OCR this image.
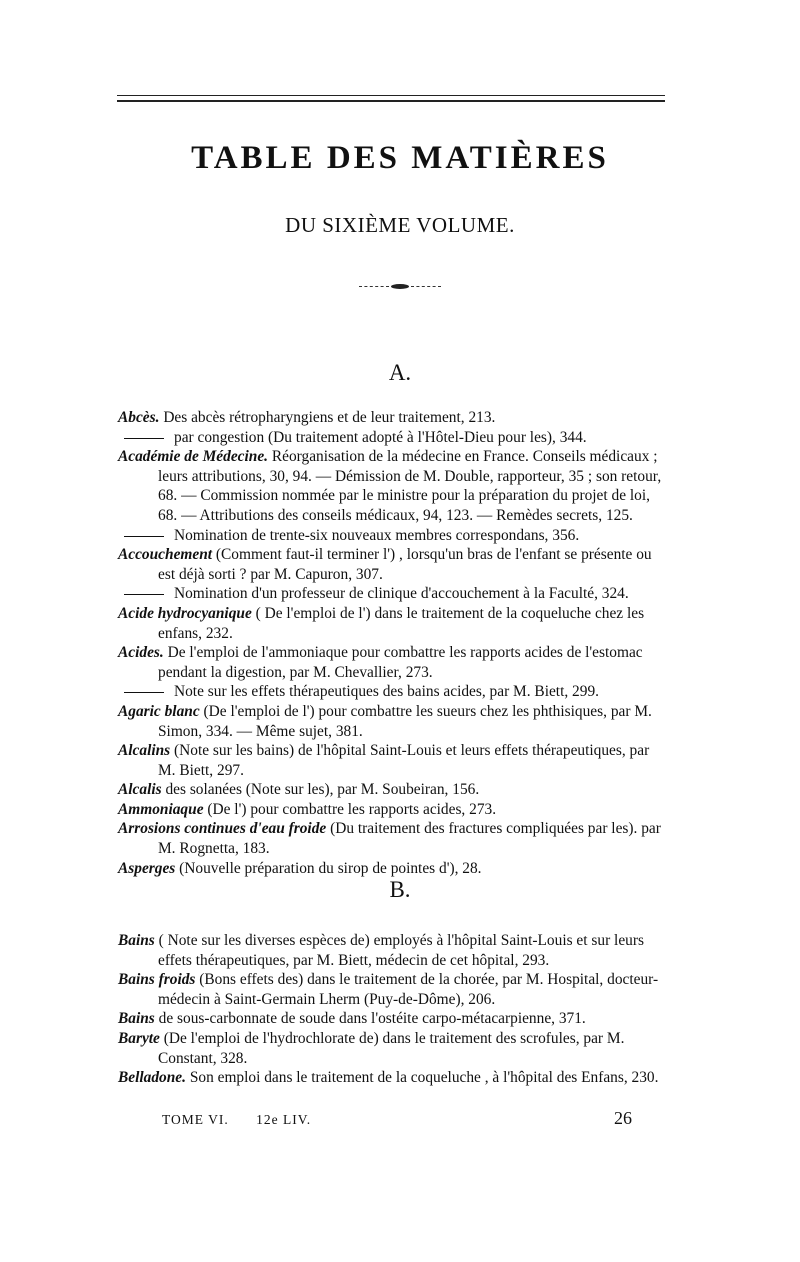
TABLE DES MATIÈRES
DU SIXIÈME VOLUME.
A.

Abcès. Des abcès rétropharyngiens et de leur traitement, 213.

par congestion (Du traitement adopté à l'Hôtel-Dieu pour les), 344.

Académie de Médecine. Réorganisation de la médecine en France. Conseils médicaux ; leurs attributions, 30, 94. — Démission de M. Double, rapporteur, 35 ; son retour, 68. — Commission nommée par le ministre pour la préparation du projet de loi, 68. — Attributions des conseils médicaux, 94, 123. — Remèdes secrets, 125.

Nomination de trente-six nouveaux membres correspondans, 356.

Accouchement (Comment faut-il terminer l') , lorsqu'un bras de l'enfant se présente ou est déjà sorti ? par M. Capuron, 307.

Nomination d'un professeur de clinique d'accouchement à la Faculté, 324.

Acide hydrocyanique ( De l'emploi de l') dans le traitement de la coqueluche chez les enfans, 232.

Acides. De l'emploi de l'ammoniaque pour combattre les rapports acides de l'estomac pendant la digestion, par M. Chevallier, 273.

Note sur les effets thérapeutiques des bains acides, par M. Biett, 299.

Agaric blanc (De l'emploi de l') pour combattre les sueurs chez les phthisiques, par M. Simon, 334. — Même sujet, 381.

Alcalins (Note sur les bains) de l'hôpital Saint-Louis et leurs effets thérapeutiques, par M. Biett, 297.

Alcalis des solanées (Note sur les), par M. Soubeiran, 156.

Ammoniaque (De l') pour combattre les rapports acides, 273.

Arrosions continues d'eau froide (Du traitement des fractures compliquées par les). par M. Rognetta, 183.

Asperges (Nouvelle préparation du sirop de pointes d'), 28.

B.

Bains ( Note sur les diverses espèces de) employés à l'hôpital Saint-Louis et sur leurs effets thérapeutiques, par M. Biett, médecin de cet hôpital, 293.

Bains froids (Bons effets des) dans le traitement de la chorée, par M. Hospital, docteur-médecin à Saint-Germain Lherm (Puy-de-Dôme), 206.

Bains de sous-carbonnate de soude dans l'ostéite carpo-métacarpienne, 371.

Baryte (De l'emploi de l'hydrochlorate de) dans le traitement des scrofules, par M. Constant, 328.

Belladone. Son emploi dans le traitement de la coqueluche , à l'hôpital des Enfans, 230.

TOME VI. 12e LIV.	26
